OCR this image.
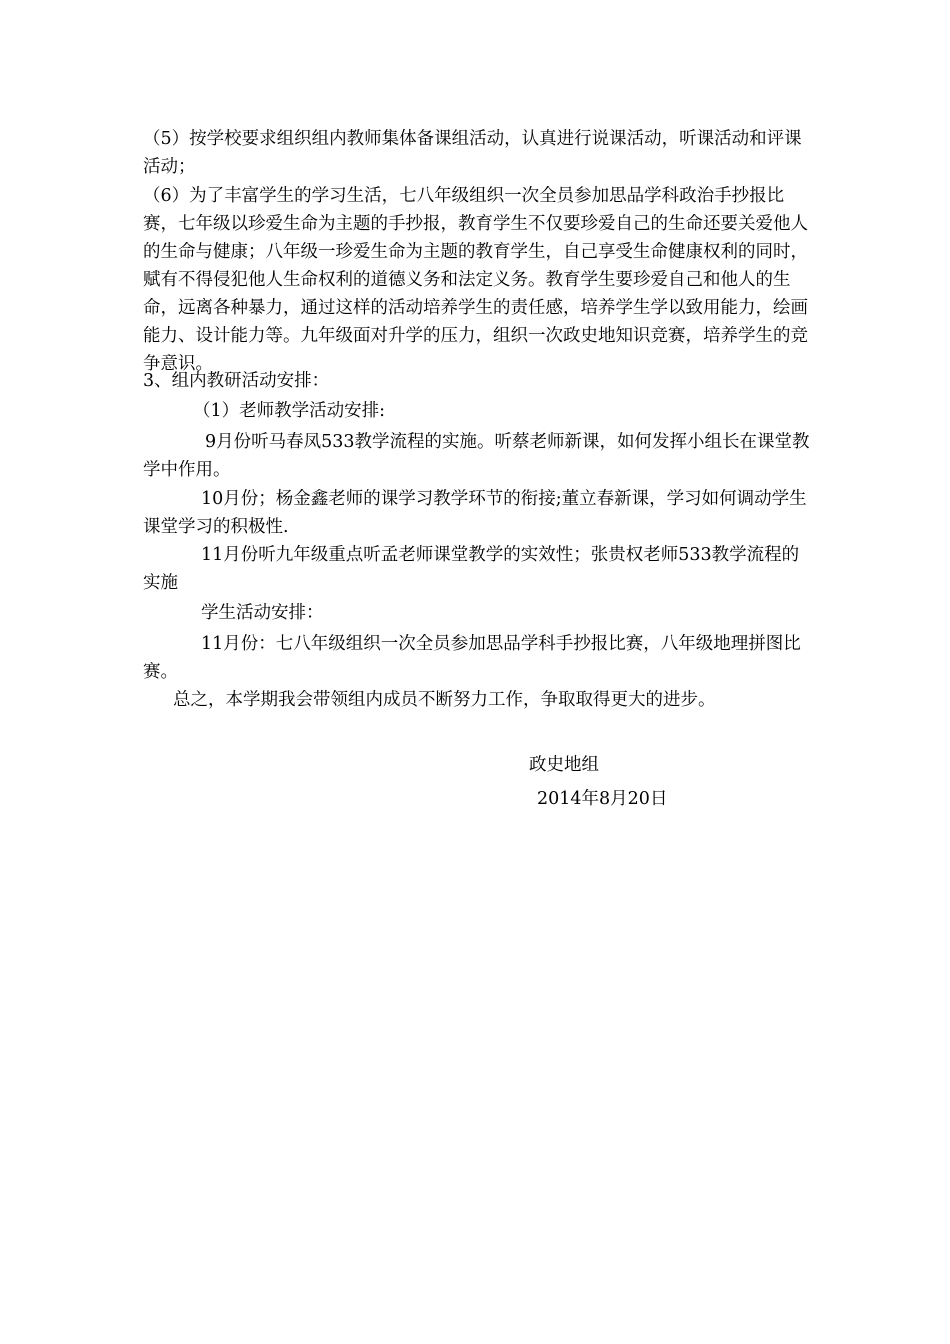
（5）按学校要求组织组内教师集体备课组活动，认真进行说课活动，听课活动和评课活动；

（6）为了丰富学生的学习生活，七八年级组织一次全员参加思品学科政治手抄报比赛，七年级以珍爱生命为主题的手抄报，教育学生不仅要珍爱自己的生命还要关爱他人的生命与健康；八年级一珍爱生命为主题的教育学生，自己享受生命健康权利的同时，赋有不得侵犯他人生命权利的道德义务和法定义务。教育学生要珍爱自己和他人的生命，远离各种暴力，通过这样的活动培养学生的责任感，培养学生学以致用能力，绘画能力、设计能力等。九年级面对升学的压力，组织一次政史地知识竞赛，培养学生的竞争意识。

3、组内教研活动安排：

（1）老师教学活动安排:

9月份听马春凤533教学流程的实施。听蔡老师新课，如何发挥小组长在课堂教学中作用。

10月份；杨金鑫老师的课学习教学环节的衔接;董立春新课，学习如何调动学生课堂学习的积极性.

11月份听九年级重点听孟老师课堂教学的实效性；张贵权老师533教学流程的实施

学生活动安排：

11月份：七八年级组织一次全员参加思品学科手抄报比赛，八年级地理拼图比赛。

总之，本学期我会带领组内成员不断努力工作，争取取得更大的进步。

政史地组
2014年8月20日
